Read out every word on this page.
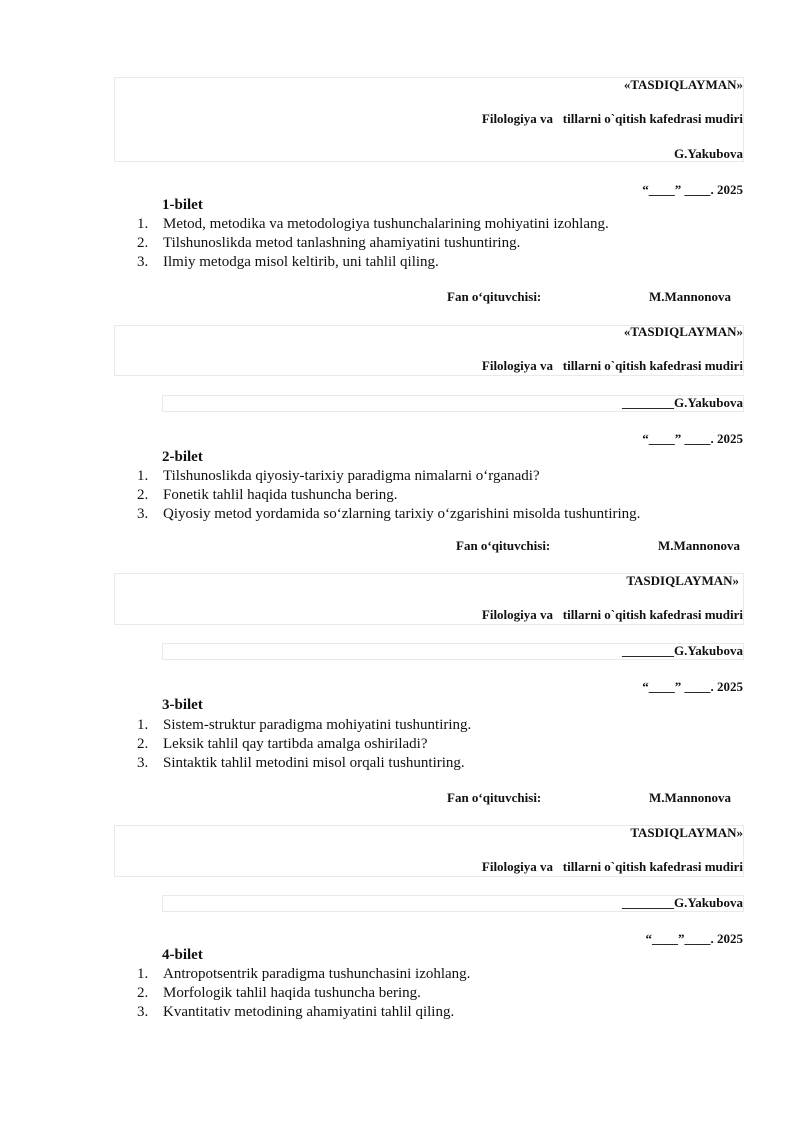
«TASDIQLAYMAN»
Filologiya va   tillarni o`qitish kafedrasi mudiri
G.Yakubova
“____” ____. 2025
1-bilet
1. Metod, metodika va metodologiya tushunchalarining mohiyatini izohlang.
2. Tilshunoslikda metod tanlashning ahamiyatini tushuntiring.
3. Ilmiy metodga misol keltirib, uni tahlil qiling.
Fan o‘qituvchisi:	M.Mannonova
«TASDIQLAYMAN»
Filologiya va   tillarni o`qitish kafedrasi mudiri
________G.Yakubova
“____” ____. 2025
2-bilet
1. Tilshunoslikda qiyosiy-tarixiy paradigma nimalarni o‘rganadi?
2. Fonetik tahlil haqida tushuncha bering.
3. Qiyosiy metod yordamida so‘zlarning tarixiy o‘zgarishini misolda tushuntiring.
Fan o‘qituvchisi:	M.Mannonova
TASDIQLAYMAN»
Filologiya va   tillarni o`qitish kafedrasi mudiri
________G.Yakubova
“____” ____. 2025
3-bilet
1. Sistem-struktur paradigma mohiyatini tushuntiring.
2. Leksik tahlil qay tartibda amalga oshiriladi?
3. Sintaktik tahlil metodini misol orqali tushuntiring.
Fan o‘qituvchisi:	M.Mannonova
TASDIQLAYMAN»
Filologiya va   tillarni o`qitish kafedrasi mudiri
________G.Yakubova
“____”____. 2025
4-bilet
1. Antropotsentrik paradigma tushunchasini izohlang.
2. Morfologik tahlil haqida tushuncha bering.
3. Kvantitativ metodining ahamiyatini tahlil qiling.
